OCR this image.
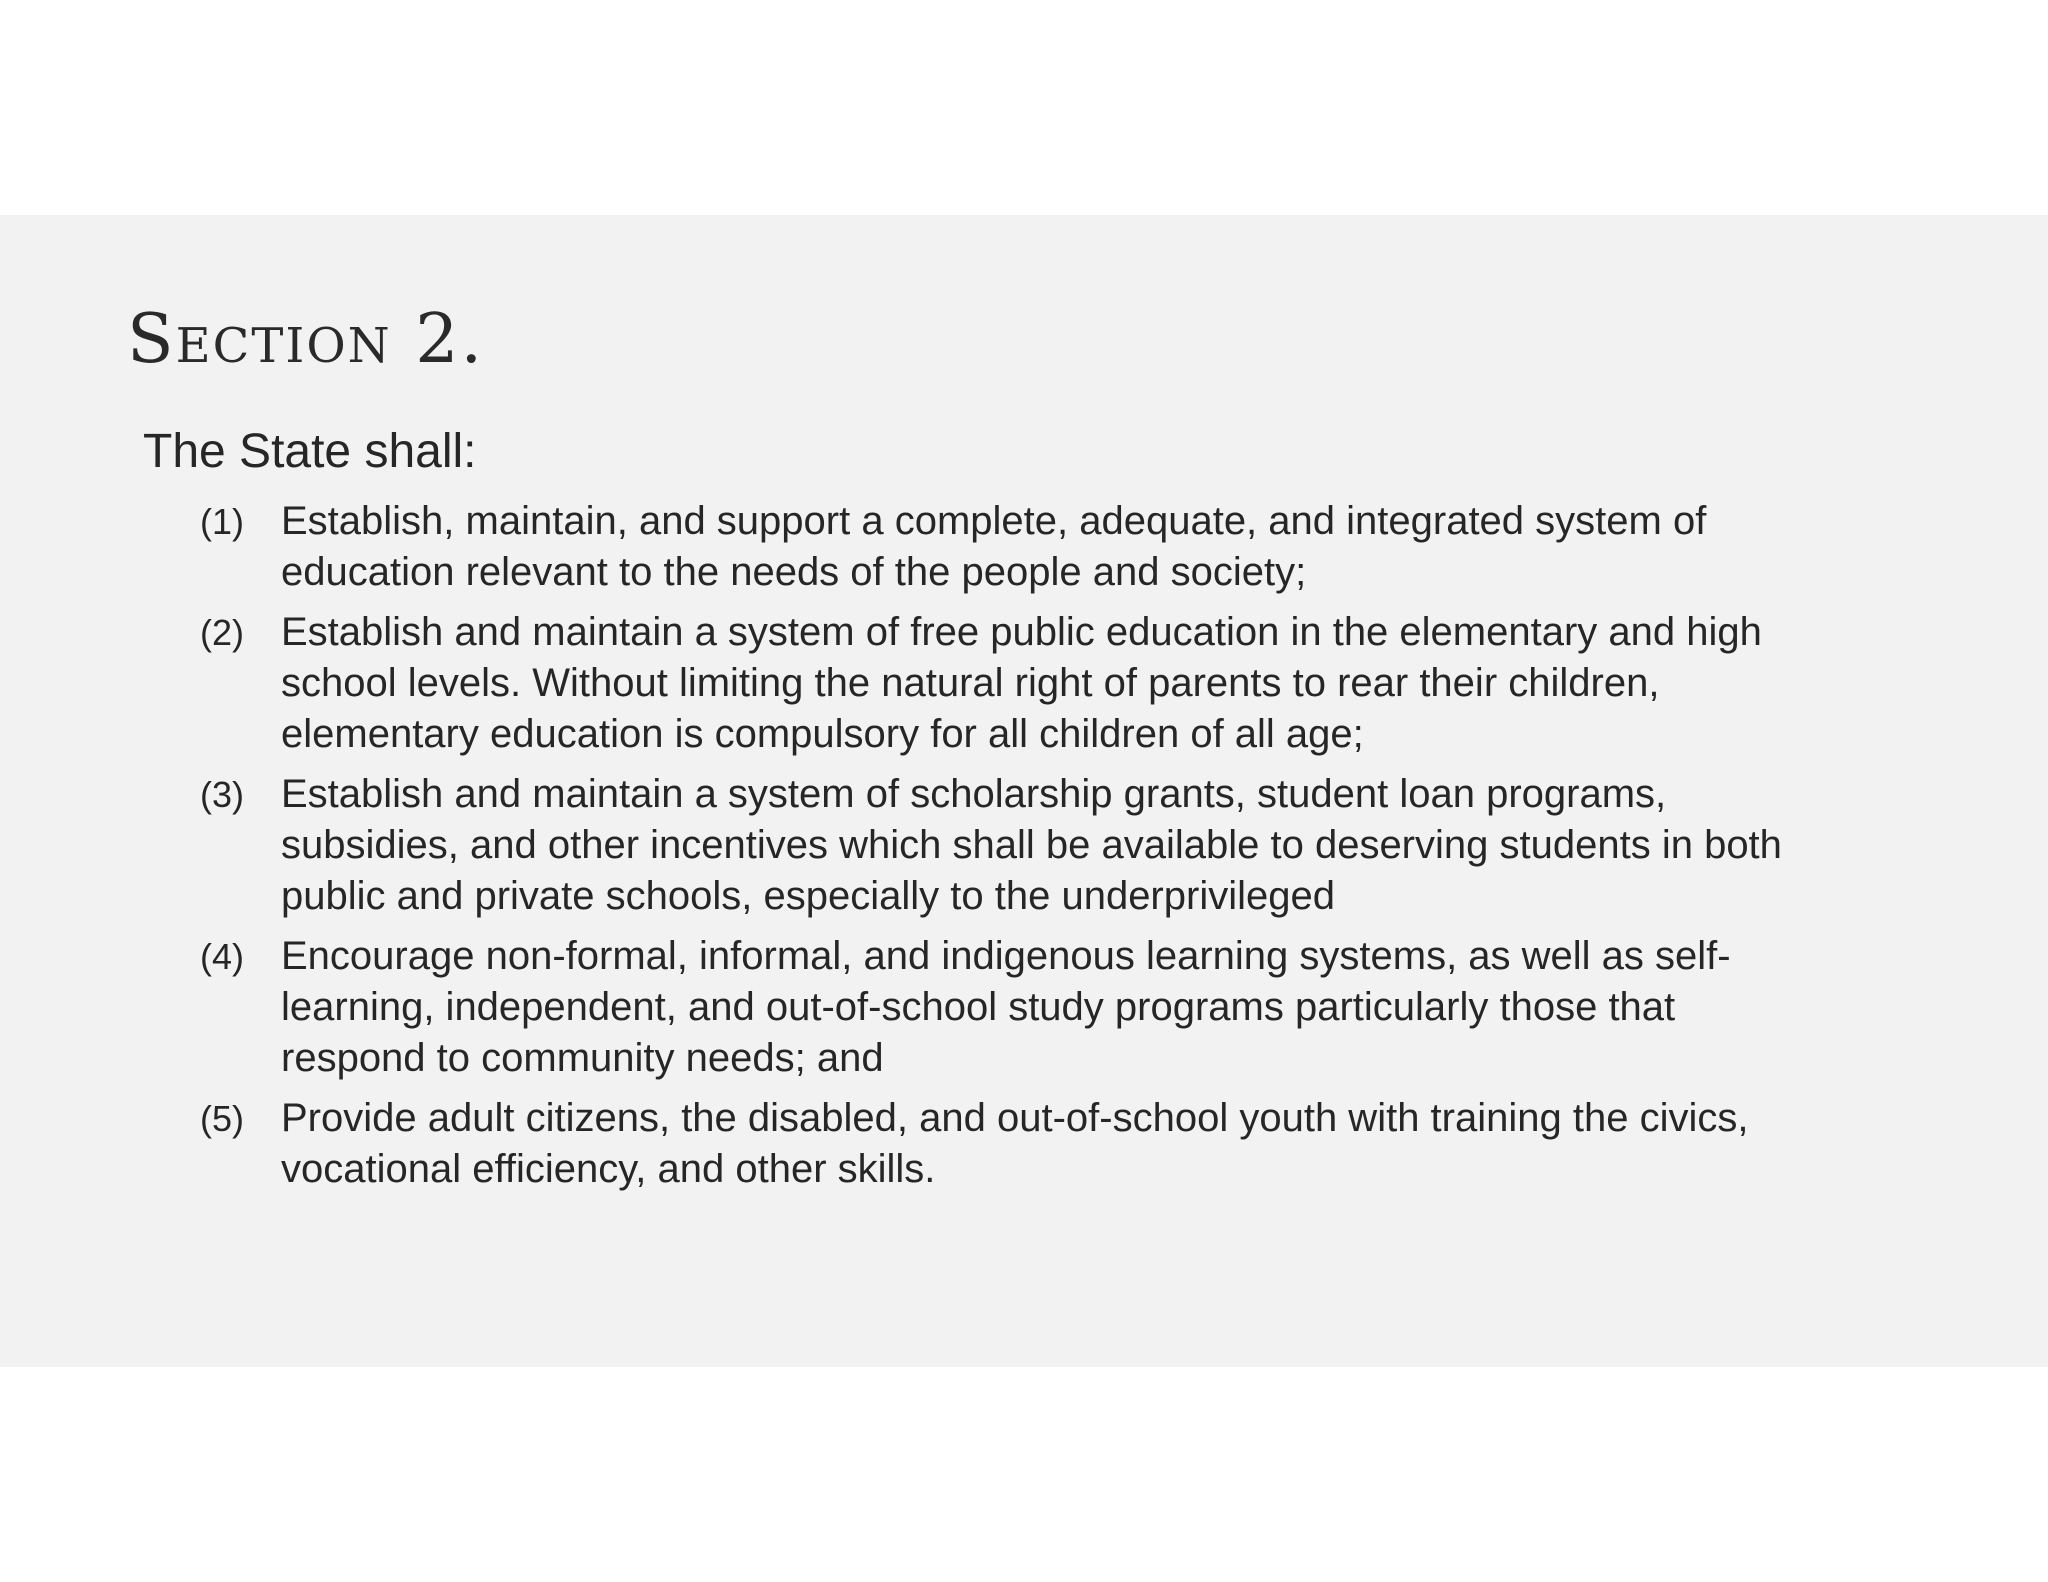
Section 2.

The State shall:

(1) Establish, maintain, and support a complete, adequate, and integrated system of
education relevant to the needs of the people and society;
(2) Establish and maintain a system of free public education in the elementary and high
school levels. Without limiting the natural right of parents to rear their children,
elementary education is compulsory for all children of all age;
(3) Establish and maintain a system of scholarship grants, student loan programs,
subsidies, and other incentives which shall be available to deserving students in both
public and private schools, especially to the underprivileged
(4) Encourage non-formal, informal, and indigenous learning systems, as well as self-
learning, independent, and out-of-school study programs particularly those that
respond to community needs; and
(5) Provide adult citizens, the disabled, and out-of-school youth with training the civics,
vocational efficiency, and other skills.
